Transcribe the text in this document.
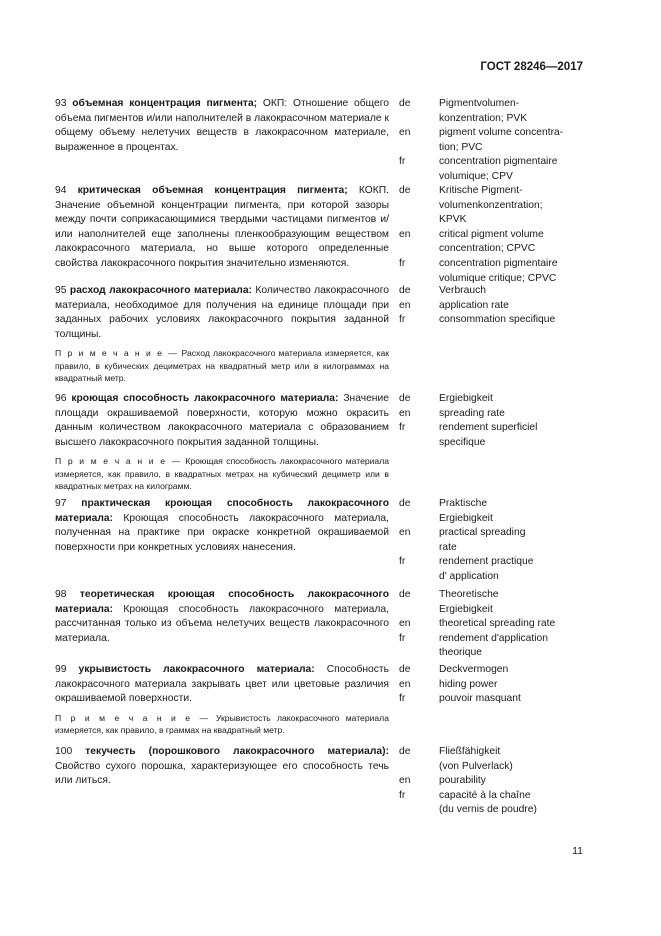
ГОСТ 28246—2017
93 объемная концентрация пигмента; ОКП: Отношение общего объема пигментов и/или наполнителей в лакокрасочном материале к общему объему нелетучих веществ в лакокрасочном материале, выраженное в процентах.
de	Pigmentvolumen-
konzentration; PVK
en	pigment volume concentra-
tion; PVC
fr	concentration pigmentaire
volumique; CPV
94 критическая объемная концентрация пигмента; КОКП. Значение объемной концентрации пигмента, при которой зазоры между почти соприкасающимися твердыми частицами пигментов и/или наполнителей еще заполнены пленкообразующим веществом лакокрасочного материала, но выше которого определенные свойства лакокрасочного покрытия значительно изменяются.
de	Kritische Pigment-
volumenkonzentration;
KPVK
en	critical pigment volume
concentration; CPVC
fr	concentration pigmentaire
volumique critique; CPVC
95 расход лакокрасочного материала: Количество лакокрасочного материала, необходимое для получения на единице площади при заданных рабочих условиях лакокрасочного покрытия заданной толщины.
П р и м е ч а н и е — Расход лакокрасочного материала измеряется, как правило, в кубических дециметрах на квадратный метр или в килограммах на квадратный метр.
de	Verbrauch
en	application rate
fr	consommation specifique
96 кроющая способность лакокрасочного материала: Значение площади окрашиваемой поверхности, которую можно окрасить данным количеством лакокрасочного материала с образованием высшего лакокрасочного покрытия заданной толщины.
П р и м е ч а н и е — Кроющая способность лакокрасочного материала измеряется, как правило, в квадратных метрах на кубический дециметр или в квадратных метрах на килограмм.
de	Ergiebigkeit
en	spreading rate
fr	rendement superficiel
specifique
97 практическая кроющая способность лакокрасочного материала: Кроющая способность лакокрасочного материала, полученная на практике при окраске конкретной окрашиваемой поверхности при конкретных условиях нанесения.
de	Praktische
Ergiebigkeit
en	practical spreading
rate
fr	rendement practique
d' application
98 теоретическая кроющая способность лакокрасочного материала: Кроющая способность лакокрасочного материала, рассчитанная только из объема нелетучих веществ лакокрасочного материала.
de	Theoretische
Ergiebigkeit
en	theoretical spreading rate
fr	rendement d'application
theorique
99 укрывистость лакокрасочного материала: Способность лакокрасочного материала закрывать цвет или цветовые различия окрашиваемой поверхности.
П р и м е ч а н и е — Укрывистость лакокрасочного материала измеряется, как правило, в граммах на квадратный метр.
de	Deckvermogen
en	hiding power
fr	pouvoir masquant
100 текучесть (порошкового лакокрасочного материала): Свойство сухого порошка, характеризующее его способность течь или литься.
de	Fließfähigkeit
(von Pulverlack)
en	pourability
fr	capacité à la chaîne
(du vernis de poudre)
11
